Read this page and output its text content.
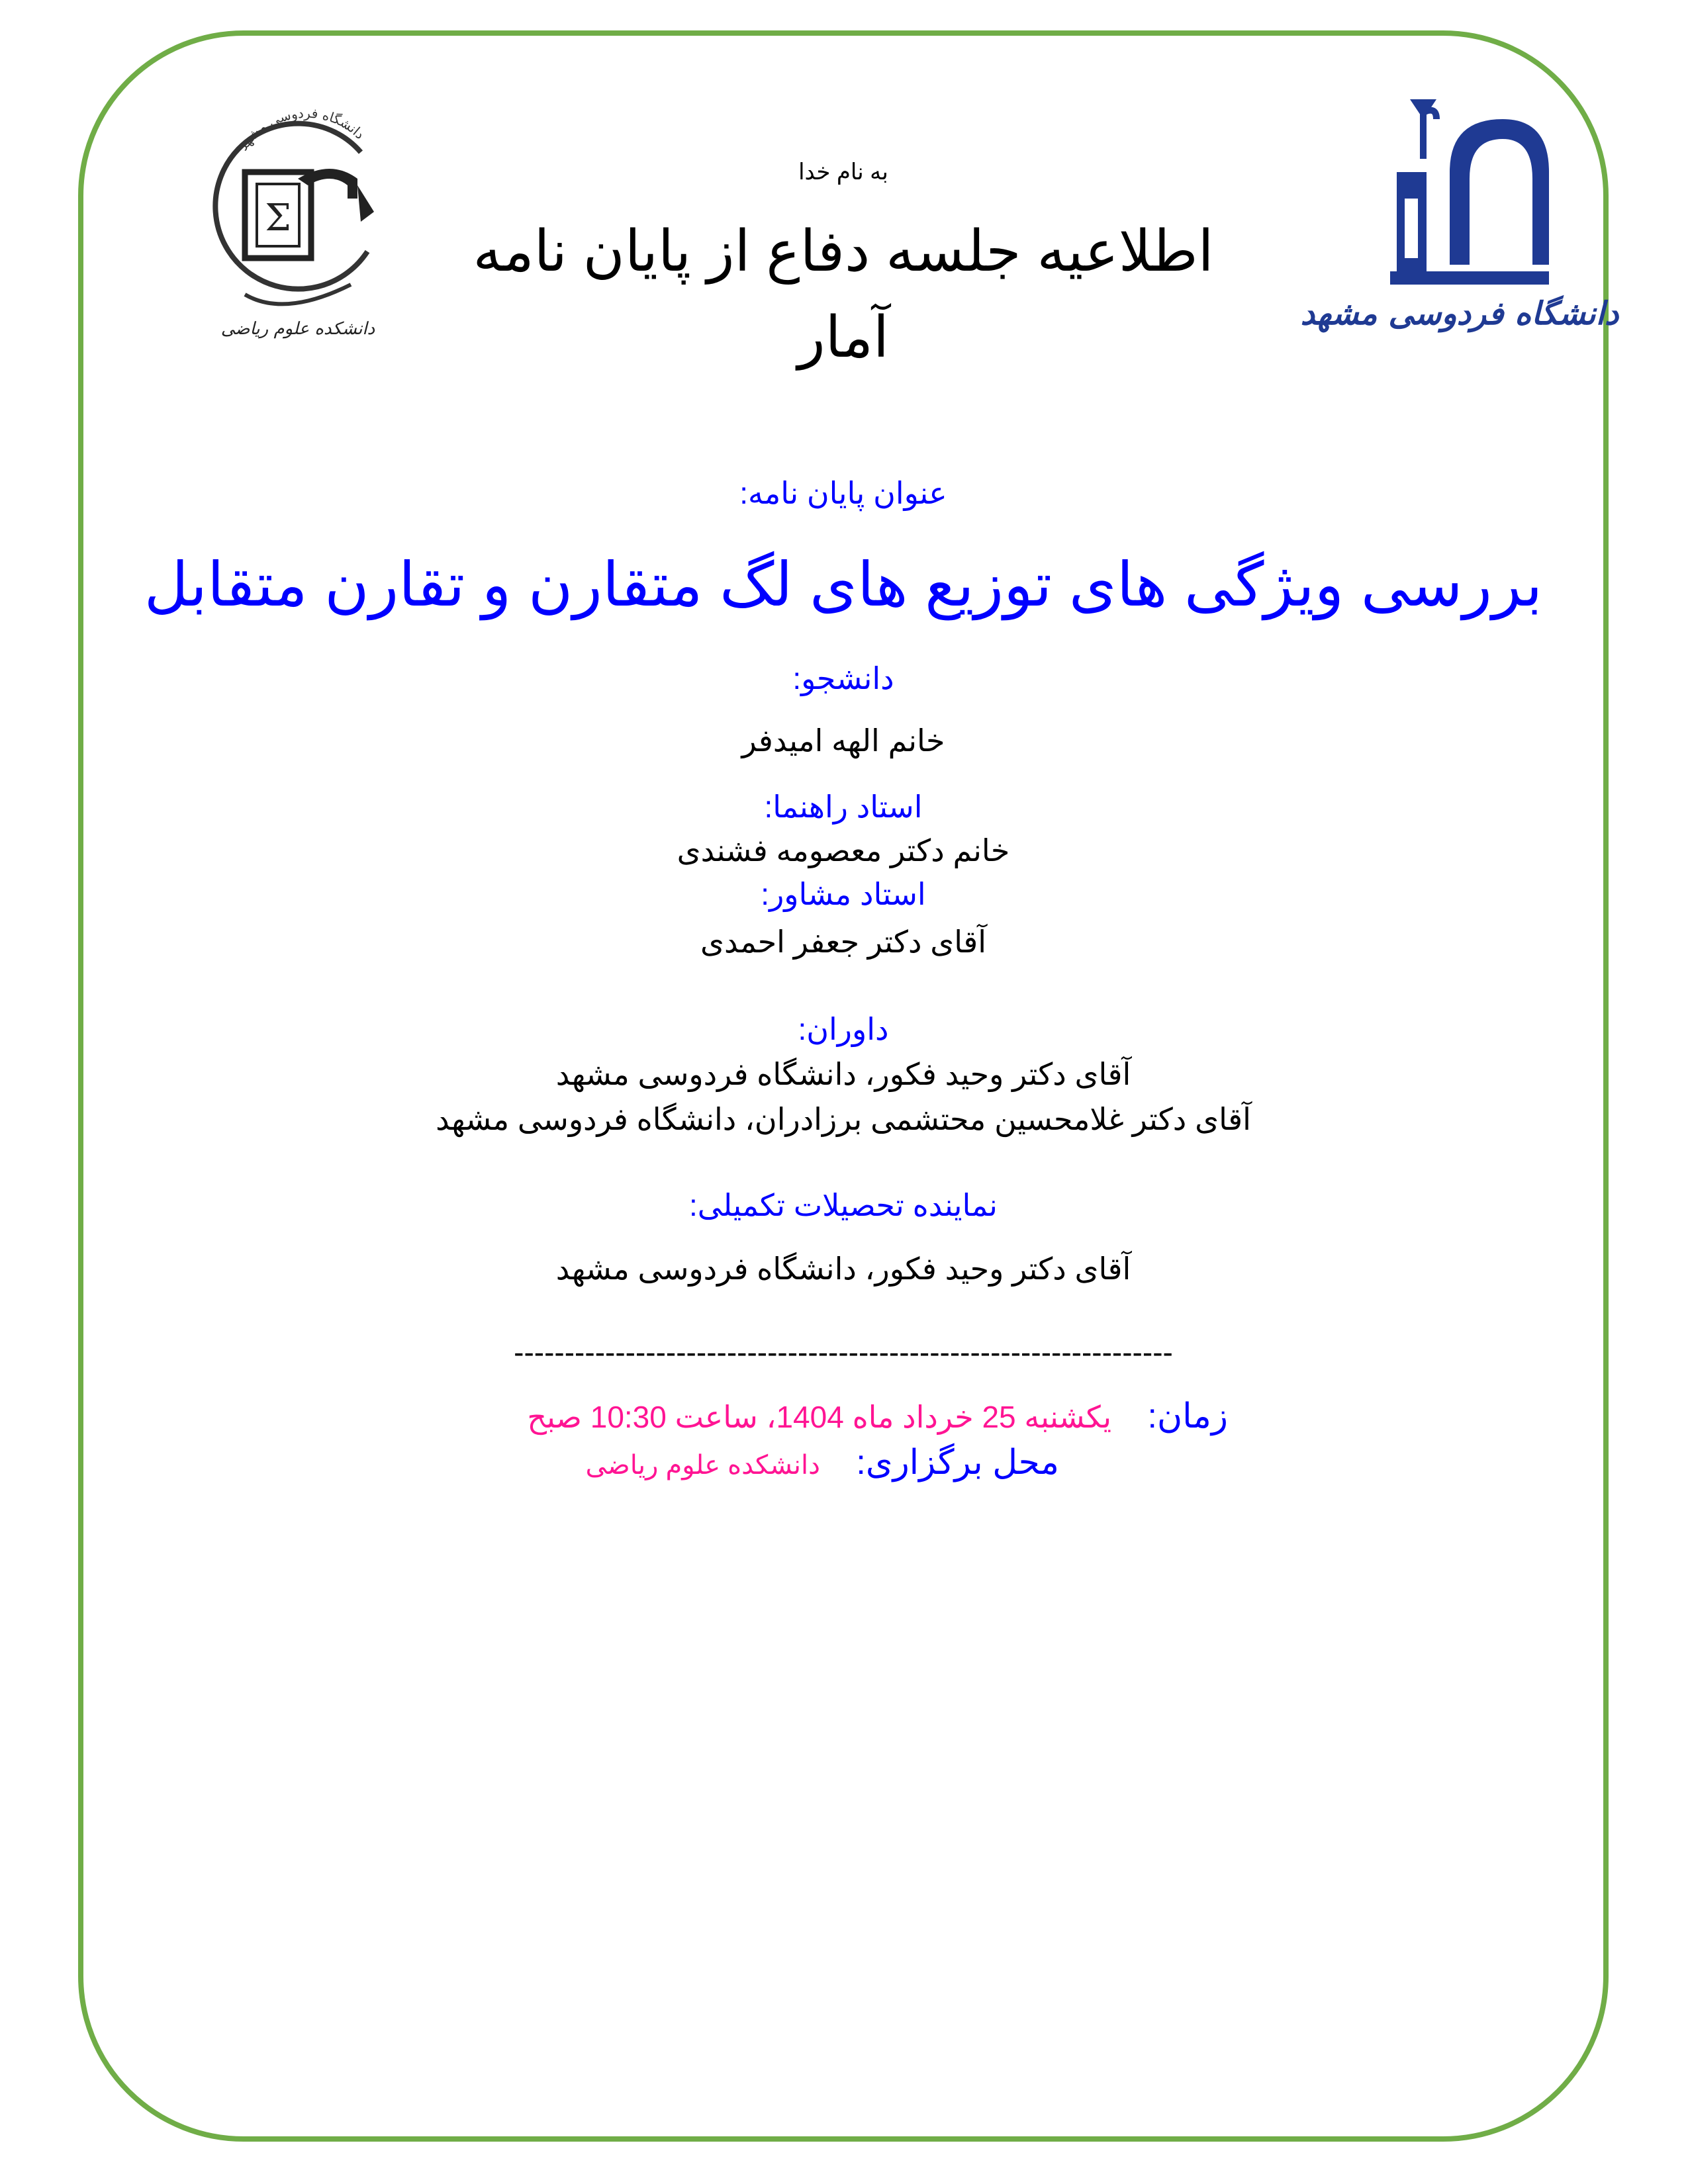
دانشگاه فردوسی مشهد
Σ
دانشگاه فردوسی مشهد
دانشکده علوم ریاضی
به نام خدا
اطلاعیه جلسه دفاع از پایان نامه
آمار
عنوان پایان نامه:
بررسی ویژگی های توزیع های لگ متقارن و تقارن متقابل
دانشجو:
خانم الهه امیدفر
استاد راهنما:
خانم دکتر معصومه فشندی
استاد مشاور:
آقای دکتر جعفر احمدی
داوران:
آقای دکتر وحید فکور، دانشگاه فردوسی مشهد
آقای دکتر غلامحسین محتشمی برزادران، دانشگاه فردوسی مشهد
نماینده تحصیلات تکمیلی:
آقای دکتر وحید فکور، دانشگاه فردوسی مشهد
-----------------------------------------------------------------
زمان: یکشنبه 25 خرداد ماه 1404، ساعت 10:30 صبح
محل برگزاری: دانشکده علوم ریاضی
